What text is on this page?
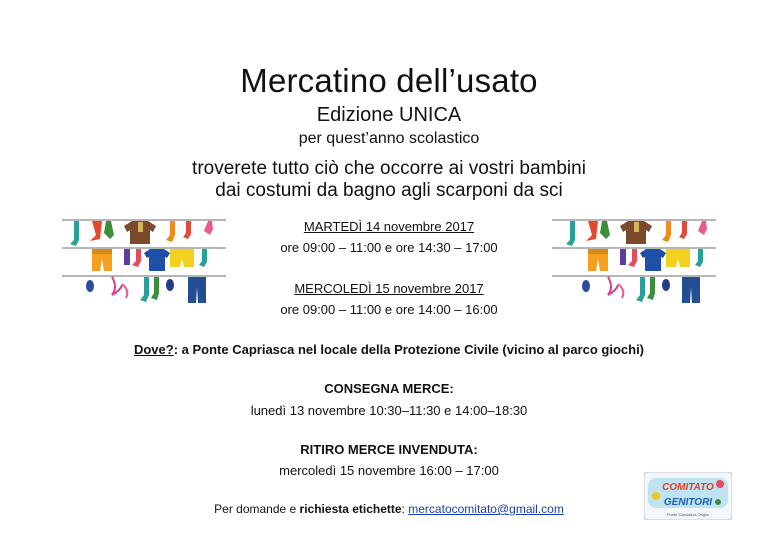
Mercatino dell’usato
Edizione UNICA
per quest’anno scolastico
troverete tutto ciò che occorre ai vostri bambini
dai costumi da bagno agli scarponi da sci
MARTEDÌ 14 novembre 2017
ore 09:00 – 11:00 e ore 14:30 – 17:00
MERCOLEDÌ 15 novembre 2017
ore 09:00 – 11:00 e ore 14:00 – 16:00
Dove?: a Ponte Capriasca nel locale della Protezione Civile (vicino al parco giochi)
CONSEGNA MERCE:
lunedì 13 novembre 10:30–11:30 e 14:00–18:30
RITIRO MERCE INVENDUTA:
mercoledì 15 novembre 16:00 – 17:00
Per domande e richiesta etichette: mercatocomitato@gmail.com
COMITATO
GENITORI
Ponte Capriasca Origlio
